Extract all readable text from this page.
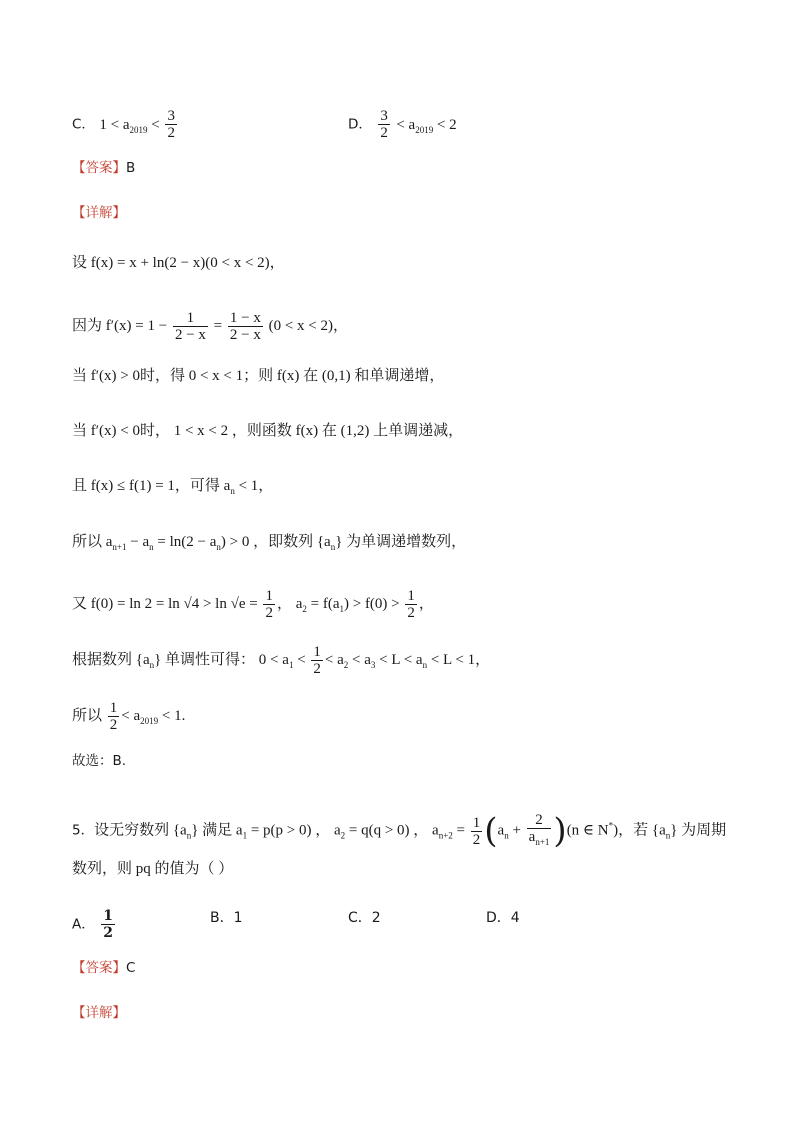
C． $1 < a_{2019} < \frac{3}{2}$	D． $\frac{3}{2} < a_{2019} < 2$
【答案】B
【详解】
设 f(x) = x + ln(2 − x)(0 < x < 2)，
因为 $f'(x) = 1 - \frac{1}{2 - x} = \frac{1 - x}{2 - x} (0 < x < 2)$，
当 f′(x) > 0时，得 0 < x < 1；则 f(x) 在 (0,1) 和单调递增，
当 f′(x) < 0时， 1 < x < 2 ，则函数 f(x) 在 (1,2) 上单调递减，
且 f(x) ≤ f(1) = 1，可得 $a_n < 1$，
所以 $a_{n+1} - a_n = \ln(2 - a_n) > 0$ ，即数列 $\{a_n\}$ 为单调递增数列，
又 $f(0) = \ln 2 = \ln √4 > \ln √e = \frac{1}{2}$ ， $a_2 = f(a_1) > f(0) > \frac{1}{2}$ ，
根据数列 $\{a_n\}$ 单调性可得： $0 < a_1 < \frac{1}{2} < a_2 < a_3 < L < a_n < L < 1$，
所以 $\frac{1}{2} < a_{2019} < 1$.
故选：B.
5．设无穷数列 $\{a_n\}$ 满足 $a_1 = p(p > 0)$ ， $a_2 = q(q > 0)$ ， $a_{n+2} = \frac{1}{2} (a_n + \frac{2}{a_{n+1}} )(n$ ∈ N*)，若 $\{a_n\}$ 为周期
数列，则 pq 的值为（ ）
A． $\frac{1}{2}$	B．1	C．2	D．4
【答案】C
【详解】
